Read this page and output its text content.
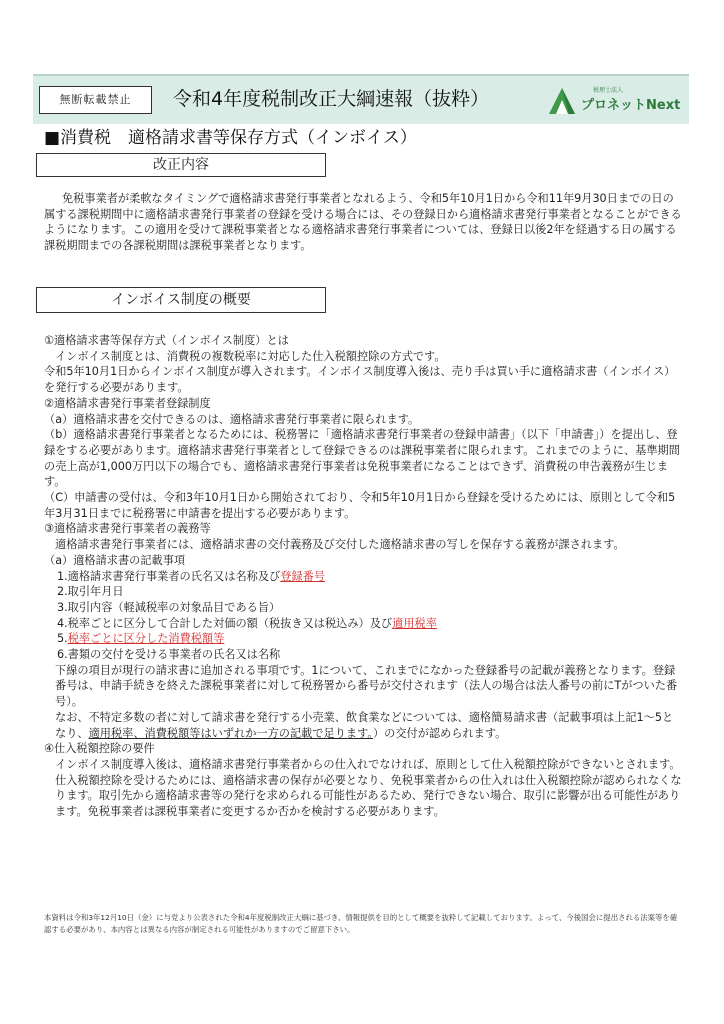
無断転載禁止	令和4年度税制改正大綱速報（抜粋）	税理士法人
プロネットNext
■消費税　適格請求書等保存方式（インボイス）
改正内容

免税事業者が柔軟なタイミングで適格請求書発行事業者となれるよう、令和5年10月1日から令和11年9月30日までの日の属する課税期間中に適格請求書発行事業者の登録を受ける場合には、その登録日から適格請求書発行事業者となることができるようになります。この適用を受けて課税事業者となる適格請求書発行事業者については、登録日以後2年を経過する日の属する課税期間までの各課税期間は課税事業者となります。

インボイス制度の概要
①適格請求書等保存方式（インボイス制度）とは
インボイス制度とは、消費税の複数税率に対応した仕入税額控除の方式です。
令和5年10月1日からインボイス制度が導入されます。インボイス制度導入後は、売り手は買い手に適格請求書（インボイス）を発行する必要があります。
②適格請求書発行事業者登録制度
（a）適格請求書を交付できるのは、適格請求書発行事業者に限られます。
（b）適格請求書発行事業者となるためには、税務署に「適格請求書発行事業者の登録申請書」（以下「申請書」）を提出し、登録をする必要があります。適格請求書発行事業者として登録できるのは課税事業者に限られます。これまでのように、基準期間の売上高が1,000万円以下の場合でも、適格請求書発行事業者は免税事業者になることはできず、消費税の申告義務が生じます。
（C）申請書の受付は、令和3年10月1日から開始されており、令和5年10月1日から登録を受けるためには、原則として令和5年3月31日までに税務署に申請書を提出する必要があります。
③適格請求書発行事業者の義務等
適格請求書発行事業者には、適格請求書の交付義務及び交付した適格請求書の写しを保存する義務が課されます。
（a）適格請求書の記載事項
1.適格請求書発行事業者の氏名又は名称及び登録番号
2.取引年月日
3.取引内容（軽減税率の対象品目である旨）
4.税率ごとに区分して合計した対価の額（税抜き又は税込み）及び適用税率
5.税率ごとに区分した消費税額等
6.書類の交付を受ける事業者の氏名又は名称
下線の項目が現行の請求書に追加される事項です。1について、これまでになかった登録番号の記載が義務となります。登録番号は、申請手続きを終えた課税事業者に対して税務署から番号が交付されます（法人の場合は法人番号の前にTがついた番号）。
なお、不特定多数の者に対して請求書を発行する小売業、飲食業などについては、適格簡易請求書（記載事項は上記1～5となり、適用税率、消費税額等はいずれか一方の記載で足ります。）の交付が認められます。
④仕入税額控除の要件
インボイス制度導入後は、適格請求書発行事業者からの仕入れでなければ、原則として仕入税額控除ができないとされます。仕入税額控除を受けるためには、適格請求書の保存が必要となり、免税事業者からの仕入れは仕入税額控除が認められなくなります。取引先から適格請求書等の発行を求められる可能性があるため、発行できない場合、取引に影響が出る可能性があります。免税事業者は課税事業者に変更するか否かを検討する必要があります。
本資料は令和3年12月10日（金）に与党より公表された令和4年度税制改正大綱に基づき、情報提供を目的として概要を抜粋して記載しております。よって、今後国会に提出される法案等を確認する必要があり、本内容とは異なる内容が制定される可能性がありますのでご留意下さい。
